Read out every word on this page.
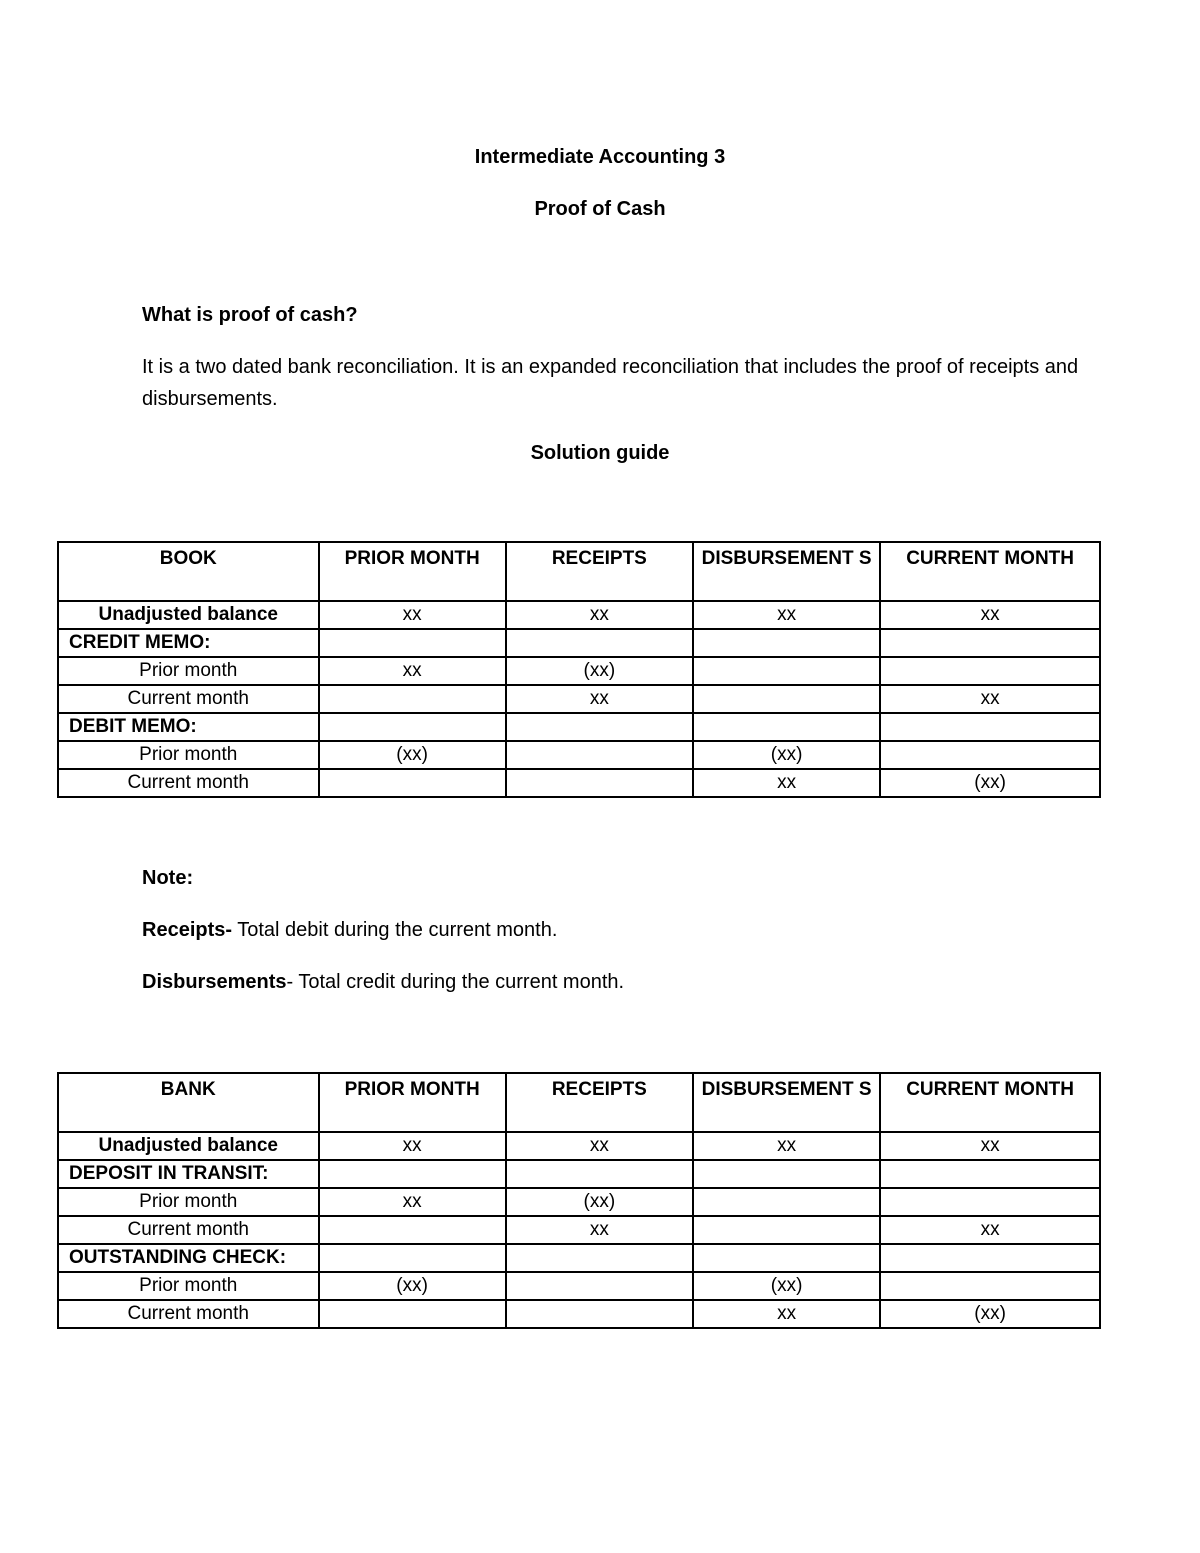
Intermediate Accounting 3
Proof of Cash
What is proof of cash?
It is a two dated bank reconciliation. It is an expanded reconciliation that includes the proof of receipts and disbursements.
Solution guide
BOOK	PRIOR MONTH	RECEIPTS	DISBURSEMENT S	CURRENT MONTH
Unadjusted balance	xx	xx	xx	xx
CREDIT MEMO:				
Prior month	xx	(xx)		
Current month		xx		xx
DEBIT MEMO:				
Prior month	(xx)		(xx)	
Current month			xx	(xx)
Note:
Receipts- Total debit during the current month.
Disbursements- Total credit during the current month.
BANK	PRIOR MONTH	RECEIPTS	DISBURSEMENT S	CURRENT MONTH
Unadjusted balance	xx	xx	xx	xx
DEPOSIT IN TRANSIT:				
Prior month	xx	(xx)		
Current month		xx		xx
OUTSTANDING CHECK:				
Prior month	(xx)		(xx)	
Current month			xx	(xx)
